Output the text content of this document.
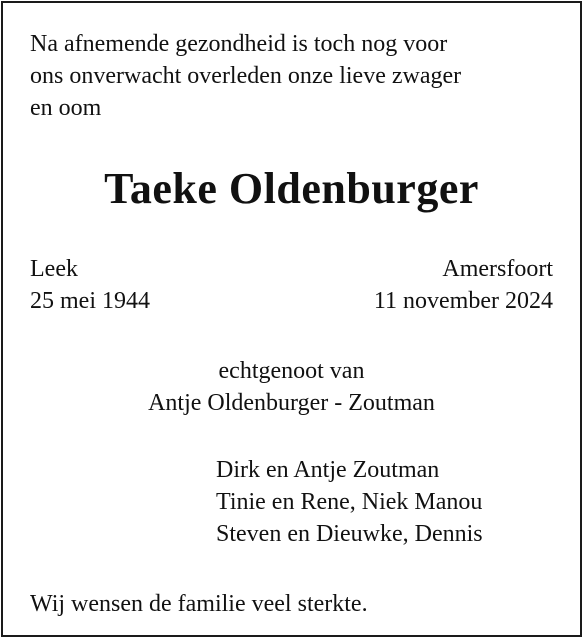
Na afnemende gezondheid is toch nog voor
ons onverwacht overleden onze lieve zwager
en oom

Taeke Oldenburger
Leek
25 mei 1944
Amersfoort
11 november 2024
echtgenoot van
Antje Oldenburger - Zoutman
Dirk en Antje Zoutman
Tinie en Rene, Niek Manou
Steven en Dieuwke, Dennis
Wij wensen de familie veel sterkte.
